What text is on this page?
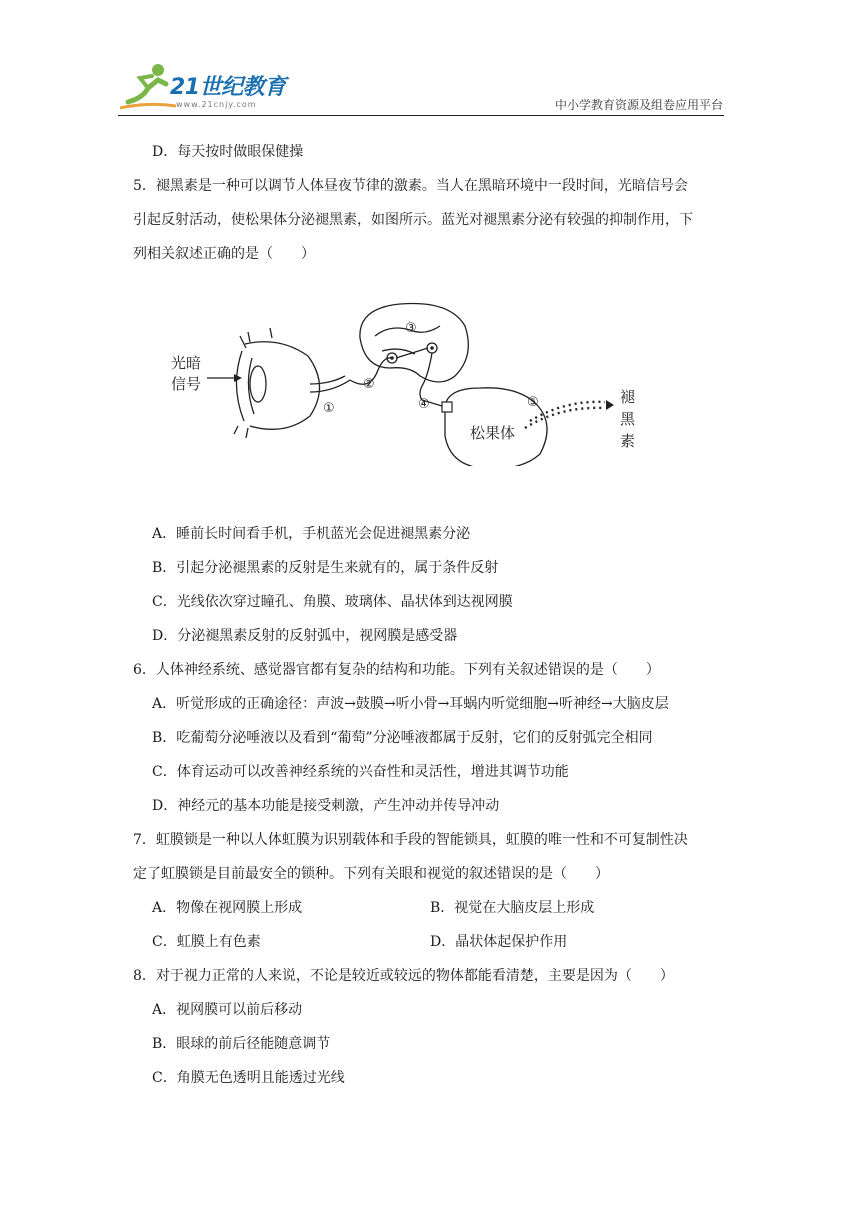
21世纪教育
www.21cnjy.com	中小学教育资源及组卷应用平台
D．每天按时做眼保健操
5．褪黑素是一种可以调节人体昼夜节律的激素。当人在黑暗环境中一段时间，光暗信号会
引起反射活动，使松果体分泌褪黑素，如图所示。蓝光对褪黑素分泌有较强的抑制作用，下
列相关叙述正确的是（　　）
光暗
信号
①
②
③
④
松果体
⑤	褪
黑
素
A．睡前长时间看手机，手机蓝光会促进褪黑素分泌
B．引起分泌褪黑素的反射是生来就有的，属于条件反射
C．光线依次穿过瞳孔、角膜、玻璃体、晶状体到达视网膜
D．分泌褪黑素反射的反射弧中，视网膜是感受器
6．人体神经系统、感觉器官都有复杂的结构和功能。下列有关叙述错误的是（　　）
A．听觉形成的正确途径：声波→鼓膜→听小骨→耳蜗内听觉细胞→听神经→大脑皮层
B．吃葡萄分泌唾液以及看到“葡萄”分泌唾液都属于反射，它们的反射弧完全相同
C．体育运动可以改善神经系统的兴奋性和灵活性，增进其调节功能
D．神经元的基本功能是接受刺激，产生冲动并传导冲动
7．虹膜锁是一种以人体虹膜为识别载体和手段的智能锁具，虹膜的唯一性和不可复制性决
定了虹膜锁是目前最安全的锁种。下列有关眼和视觉的叙述错误的是（　　）
A．物像在视网膜上形成	B．视觉在大脑皮层上形成
C．虹膜上有色素	D．晶状体起保护作用
8．对于视力正常的人来说，不论是较近或较远的物体都能看清楚，主要是因为（　　）
A．视网膜可以前后移动
B．眼球的前后径能随意调节
C．角膜无色透明且能透过光线
